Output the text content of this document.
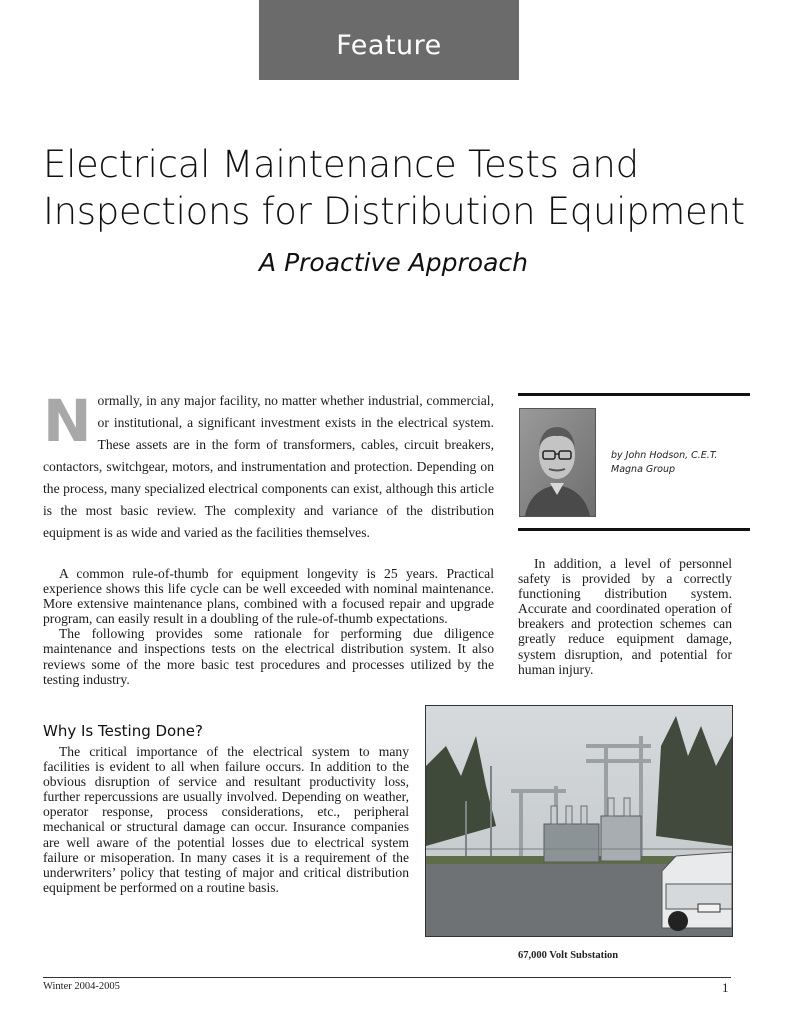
Feature
Electrical Maintenance Tests and
Inspections for Distribution Equipment
A Proactive Approach
N ormally, in any major facility, no matter whether industrial, commercial, or institutional, a significant investment exists in the electrical system. These assets are in the form of transformers, cables, circuit breakers, contactors, switchgear, motors, and instrumentation and protection. Depending on the process, many specialized electrical components can exist, although this article is the most basic review. The complexity and variance of the distribution equipment is as wide and varied as the facilities themselves.

A common rule-of-thumb for equipment longevity is 25 years. Practical experience shows this life cycle can be well exceeded with nominal maintenance. More extensive maintenance plans, combined with a focused repair and upgrade program, can easily result in a doubling of the rule-of-thumb expectations.

The following provides some rationale for performing due diligence maintenance and inspections tests on the electrical distribution system. It also reviews some of the more basic test procedures and processes utilized by the testing industry.

Why Is Testing Done?

The critical importance of the electrical system to many facilities is evident to all when failure occurs. In addition to the obvious disruption of service and resultant productivity loss, further repercussions are usually involved. Depending on weather, operator response, process considerations, etc., peripheral mechanical or structural damage can occur. Insurance companies are well aware of the potential losses due to electrical system failure or misoperation. In many cases it is a requirement of the underwriters’ policy that testing of major and critical distribution equipment be performed on a routine basis.

by John Hodson, C.E.T.
Magna Group

In addition, a level of personnel safety is provided by a correctly functioning distribution system. Accurate and coordinated operation of breakers and protection schemes can greatly reduce equipment damage, system disruption, and potential for human injury.

67,000 Volt Substation
Winter 2004-2005	1
